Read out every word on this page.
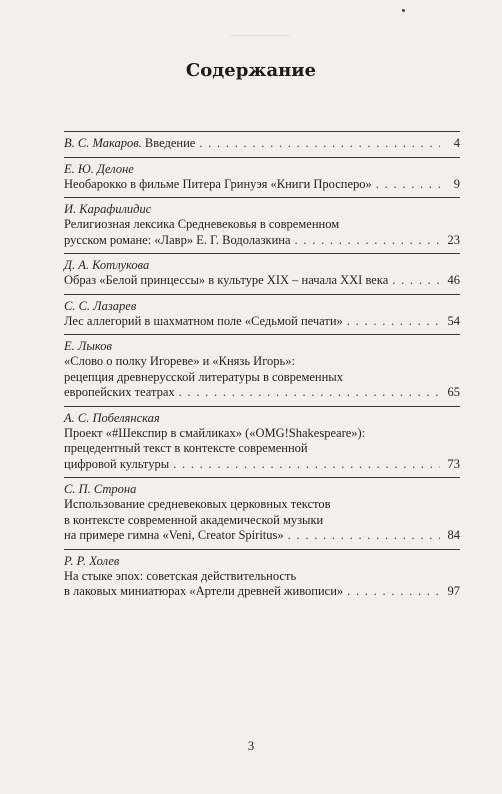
Содержание
В. С. Макаров. Введение . . .	4
Е. Ю. Делоне
Необарокко в фильме Питера Гринуэя «Книги Просперо» . . .	9
И. Карафилидис
Религиозная лексика Средневековья в современном
русском романе: «Лавр» Е. Г. Водолазкина . . .	23
Д. А. Котлукова
Образ «Белой принцессы» в культуре XIX – начала XXI века . . .	46
С. С. Лазарев
Лес аллегорий в шахматном поле «Седьмой печати» . . .	54
Е. Лыков
«Слово о полку Игореве» и «Князь Игорь»:
рецепция древнерусской литературы в современных
европейских театрах . . .	65
А. С. Побелянская
Проект «#Шекспир в смайликах» («OMG!Shakespeare»):
прецедентный текст в контексте современной
цифровой культуры . . .	73
С. П. Строна
Использование средневековых церковных текстов
в контексте современной академической музыки
на примере гимна «Veni, Creator Spiritus» . . .	84
Р. Р. Холев
На стыке эпох: советская действительность
в лаковых миниатюрах «Артели древней живописи» . . .	97
3
